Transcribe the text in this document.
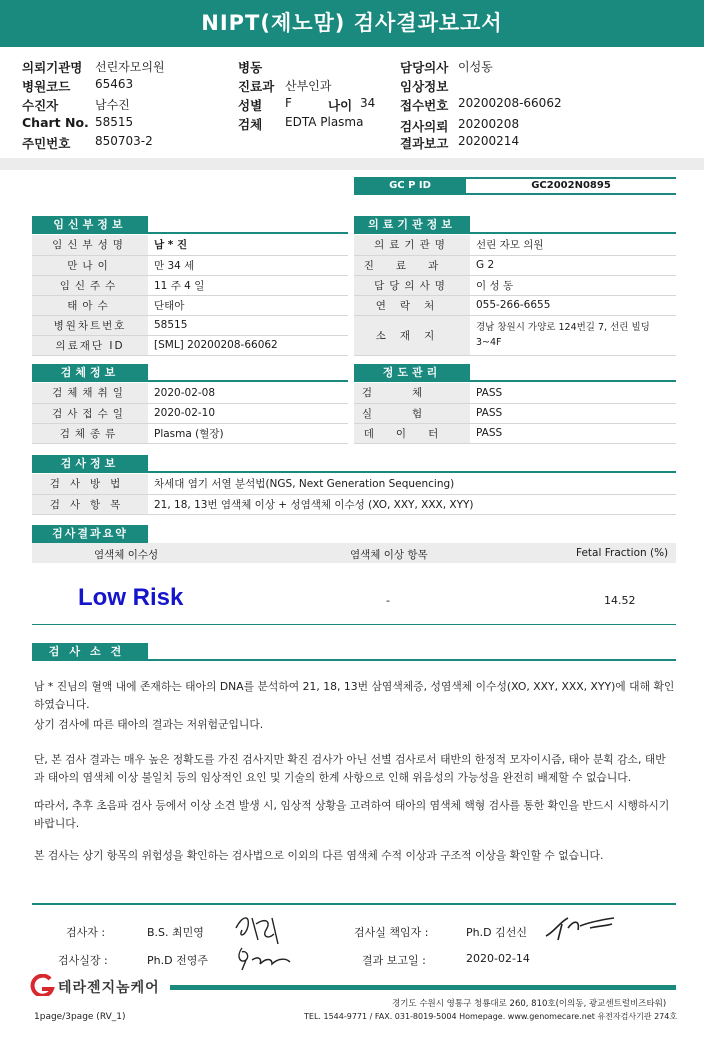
NIPT(제노맘) 검사결과보고서
의뢰기관명 선린자모의원
병원코드 65463
수진자	남수진
Chart No. 58515
주민번호 850703-2
병동
진료과 산부인과
성별 F	나이 34
검체 EDTA Plasma
담당의사 이성동
임상정보
접수번호 20200208-66062
검사의뢰 20200208
결과보고 20200214
GC P ID	GC2002N0895
임신부정보
임신부성명	남 * 진
만나이	만 34 세
임신주수	11 주 4 일
태아수	단태아
병원차트번호	58515
의료재단 ID	[SML] 20200208-66062
의료기관정보
의료기관명	선린 자모 의원
진료과	G 2
담당의사명	이 성 동
연락처	055-266-6655
소재지	경남 창원시 가양로 124번길 7, 선린 빌딩 3~4F
검체정보
검체채취일	2020-02-08
검사접수일	2020-02-10
검체종류	Plasma (혈장)
정도관리
검체	PASS
실험	PASS
데이터	PASS
검사정보
검사방법	차세대 염기 서열 분석법(NGS, Next Generation Sequencing)
검사항목	21, 18, 13번 염색체 이상 + 성염색체 이수성 (XO, XXY, XXX, XYY)
검사결과요약
염색체 이수성	염색체 이상 항목	Fetal Fraction (%)
Low Risk	-	14.52
검사소견
남 * 진님의 혈액 내에 존재하는 태아의 DNA를 분석하여 21, 18, 13번 삼염색체증, 성염색체 이수성(XO, XXY, XXX, XYY)에 대해 확인하였습니다.
상기 검사에 따른 태아의 결과는 저위험군입니다.
단, 본 검사 결과는 매우 높은 정확도를 가진 검사지만 확진 검사가 아닌 선별 검사로서 태반의 한정적 모자이시즘, 태아 분획 감소, 태반과 태아의 염색체 이상 불일치 등의 임상적인 요인 및 기술의 한계 사항으로 인해 위음성의 가능성을 완전히 배제할 수 없습니다.
따라서, 추후 초음파 검사 등에서 이상 소견 발생 시, 임상적 상황을 고려하여 태아의 염색체 핵형 검사를 통한 확인을 반드시 시행하시기 바랍니다.
본 검사는 상기 항목의 위험성을 확인하는 검사법으로 이외의 다른 염색체 수적 이상과 구조적 이상을 확인할 수 없습니다.
검사자 :	B.S. 최민영	검사실 책임자 :	Ph.D 김선신
검사실장 :	Ph.D 전영주	결과 보고일 :	2020-02-14
테라젠지놈케어
경기도 수원시 영통구 청룡대로 260, 810호(이의동, 광교센트럴비즈타워)
TEL. 1544-9771 / FAX. 031-8019-5004 Homepage. www.genomecare.net 유전자검사기관 274호
1page/3page (RV_1)
